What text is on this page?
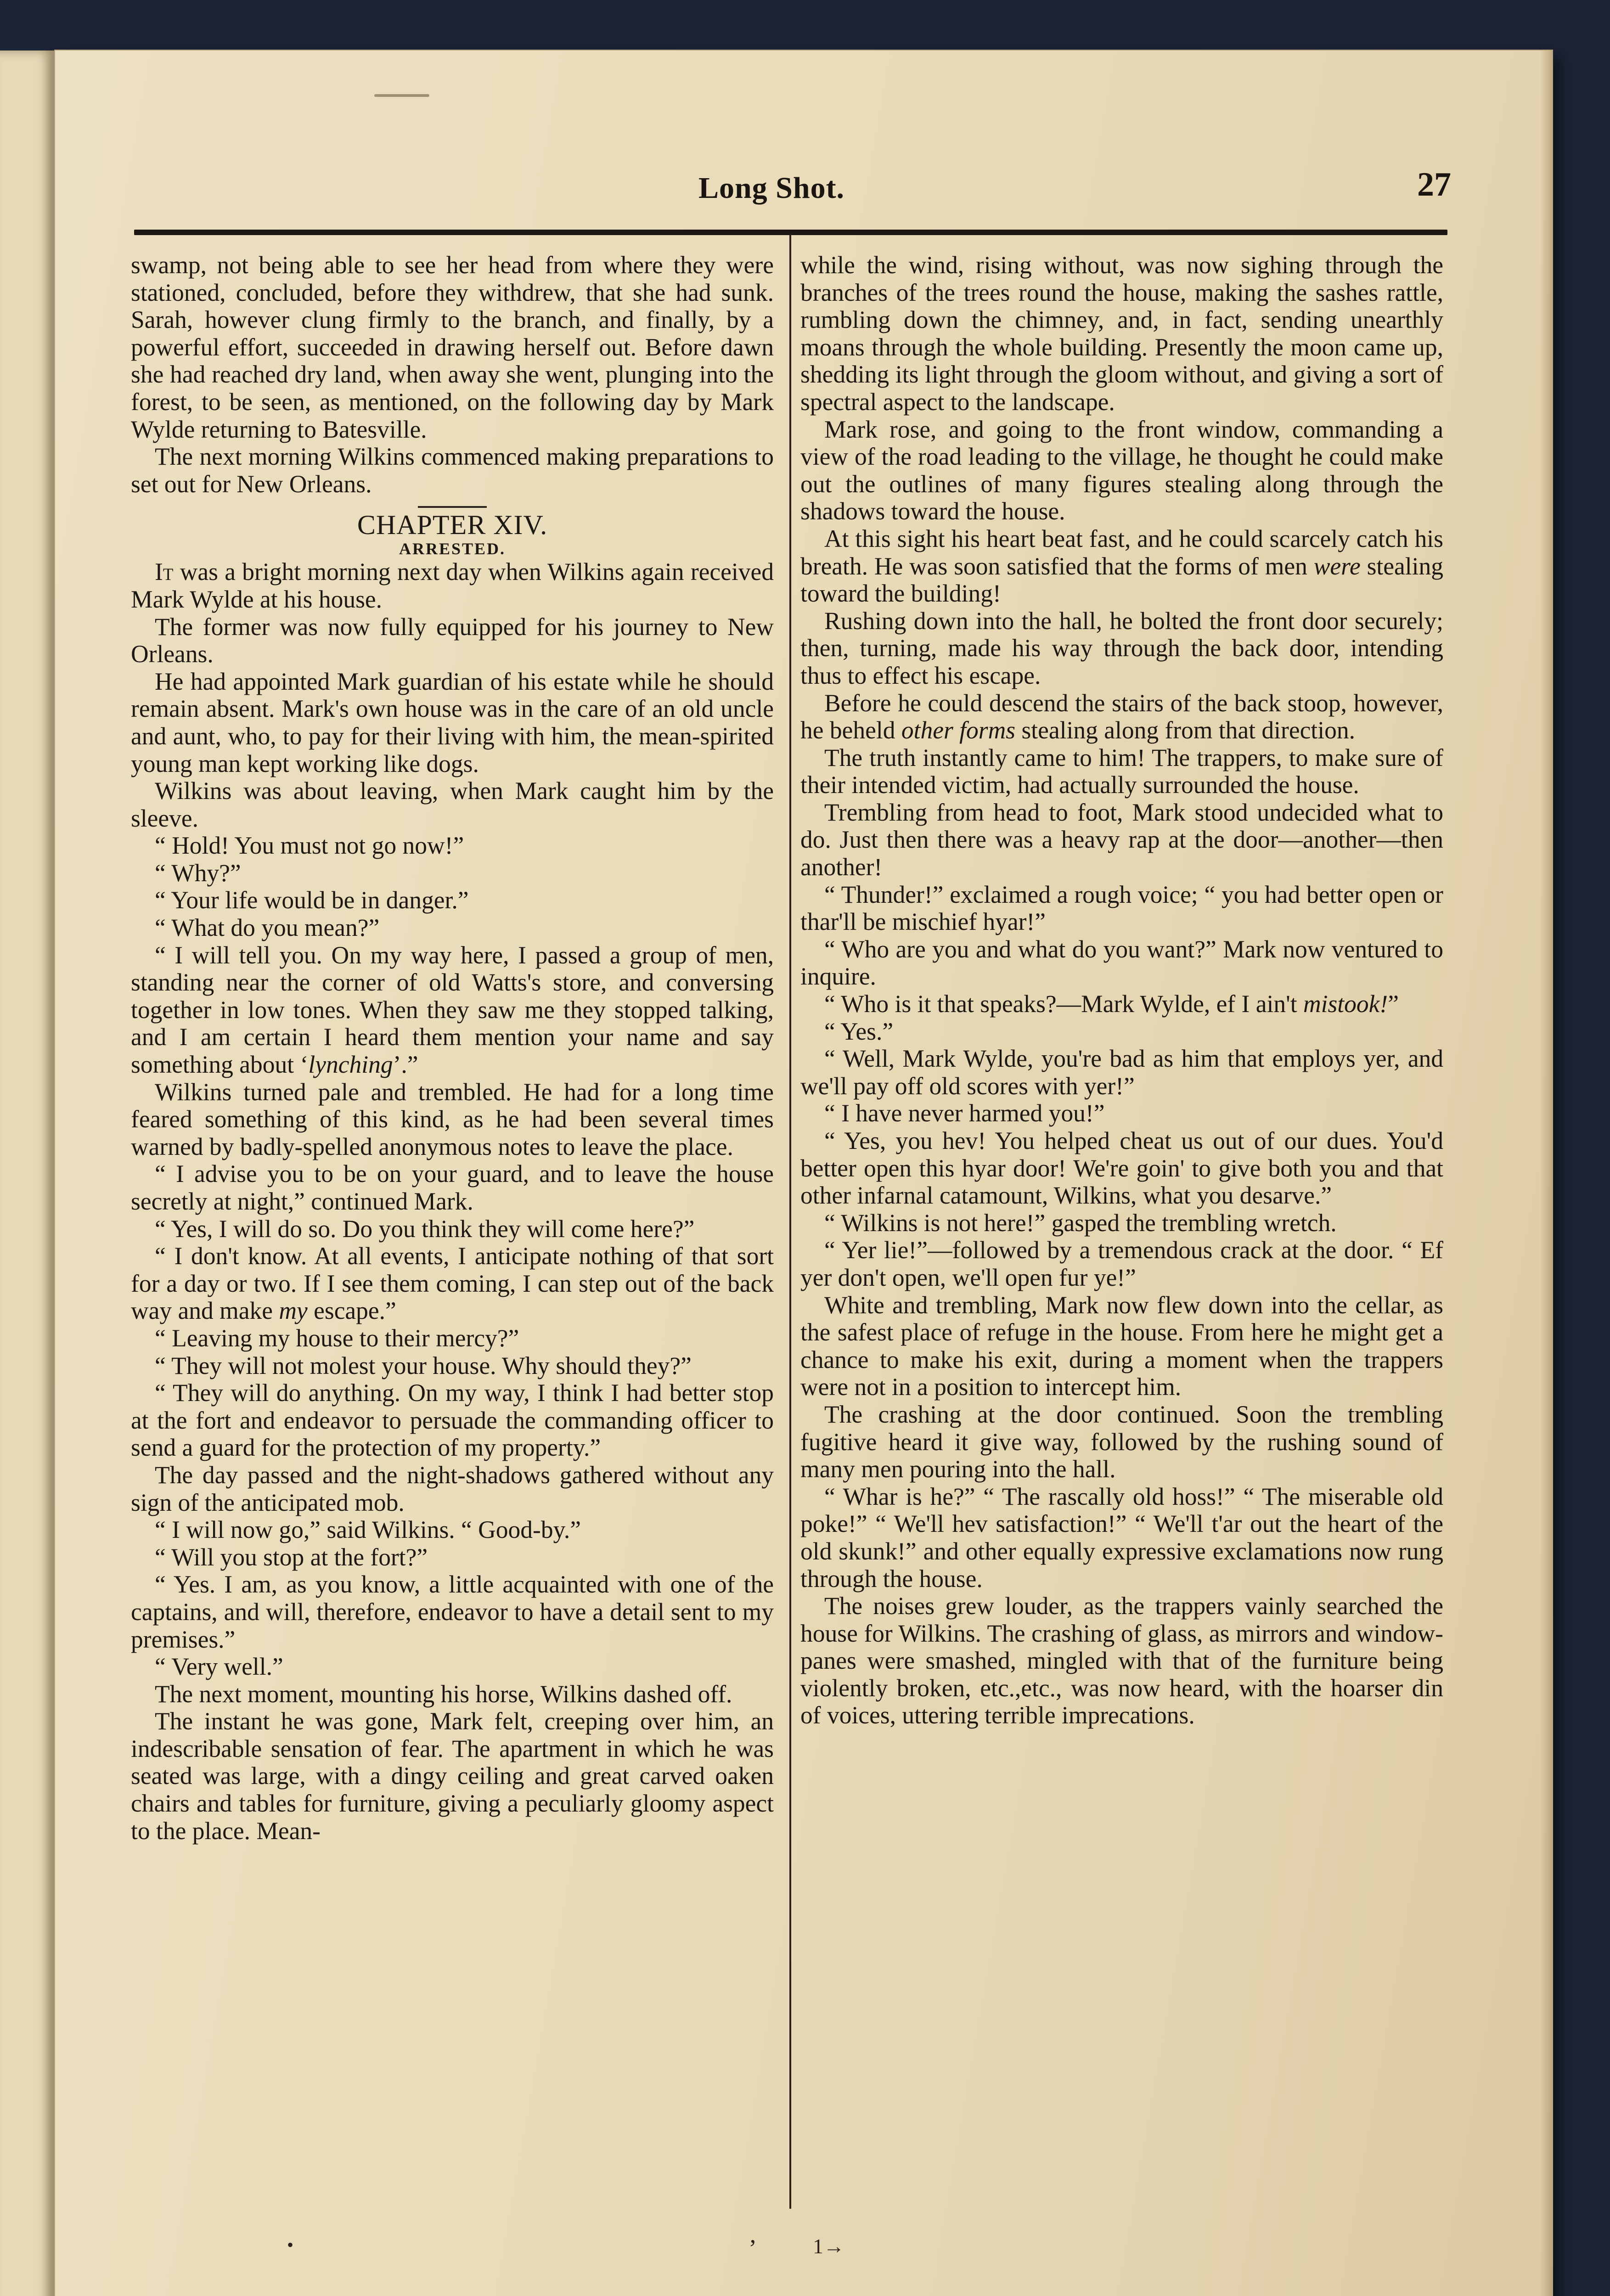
Long Shot.	27

swamp, not being able to see her head from where they were stationed, concluded, before they withdrew, that she had sunk. Sarah, however clung firmly to the branch, and finally, by a powerful effort, succeeded in drawing herself out. Before dawn she had reached dry land, when away she went, plunging into the forest, to be seen, as mentioned, on the following day by Mark Wylde returning to Batesville.

The next morning Wilkins commenced making preparations to set out for New Orleans.

CHAPTER XIV.

ARRESTED.

It was a bright morning next day when Wilkins again received Mark Wylde at his house.

The former was now fully equipped for his journey to New Orleans.

He had appointed Mark guardian of his estate while he should remain absent. Mark's own house was in the care of an old uncle and aunt, who, to pay for their living with him, the mean-spirited young man kept working like dogs.

Wilkins was about leaving, when Mark caught him by the sleeve.

“ Hold! You must not go now!”

“ Why?”

“ Your life would be in danger.”

“ What do you mean?”

“ I will tell you. On my way here, I passed a group of men, standing near the corner of old Watts's store, and conversing together in low tones. When they saw me they stopped talking, and I am certain I heard them mention your name and say something about ‘lynching’.”

Wilkins turned pale and trembled. He had for a long time feared something of this kind, as he had been several times warned by badly-spelled anonymous notes to leave the place.

“ I advise you to be on your guard, and to leave the house secretly at night,” continued Mark.

“ Yes, I will do so. Do you think they will come here?”

“ I don't know. At all events, I anticipate nothing of that sort for a day or two. If I see them coming, I can step out of the back way and make my escape.”

“ Leaving my house to their mercy?”

“ They will not molest your house. Why should they?”

“ They will do anything. On my way, I think I had better stop at the fort and endeavor to persuade the commanding officer to send a guard for the protection of my property.”

The day passed and the night-shadows gathered without any sign of the anticipated mob.

“ I will now go,” said Wilkins. “ Good-by.”

“ Will you stop at the fort?”

“ Yes. I am, as you know, a little acquainted with one of the captains, and will, therefore, endeavor to have a detail sent to my premises.”

“ Very well.”

The next moment, mounting his horse, Wilkins dashed off.

The instant he was gone, Mark felt, creeping over him, an indescribable sensation of fear. The apartment in which he was seated was large, with a dingy ceiling and great carved oaken chairs and tables for furniture, giving a peculiarly gloomy aspect to the place. Mean-

while the wind, rising without, was now sighing through the branches of the trees round the house, making the sashes rattle, rumbling down the chimney, and, in fact, sending unearthly moans through the whole building. Presently the moon came up, shedding its light through the gloom without, and giving a sort of spectral aspect to the landscape.

Mark rose, and going to the front window, commanding a view of the road leading to the village, he thought he could make out the outlines of many figures stealing along through the shadows toward the house.

At this sight his heart beat fast, and he could scarcely catch his breath. He was soon satisfied that the forms of men were stealing toward the building!

Rushing down into the hall, he bolted the front door securely; then, turning, made his way through the back door, intending thus to effect his escape.

Before he could descend the stairs of the back stoop, however, he beheld other forms stealing along from that direction.

The truth instantly came to him! The trappers, to make sure of their intended victim, had actually surrounded the house.

Trembling from head to foot, Mark stood undecided what to do. Just then there was a heavy rap at the door—another—then another!

“ Thunder!” exclaimed a rough voice; “ you had better open or thar'll be mischief hyar!”

“ Who are you and what do you want?” Mark now ventured to inquire.

“ Who is it that speaks?—Mark Wylde, ef I ain't mistook!”

“ Yes.”

“ Well, Mark Wylde, you're bad as him that employs yer, and we'll pay off old scores with yer!”

“ I have never harmed you!”

“ Yes, you hev! You helped cheat us out of our dues. You'd better open this hyar door! We're goin' to give both you and that other infarnal catamount, Wilkins, what you desarve.”

“ Wilkins is not here!” gasped the trembling wretch.

“ Yer lie!”—followed by a tremendous crack at the door. “ Ef yer don't open, we'll open fur ye!”

White and trembling, Mark now flew down into the cellar, as the safest place of refuge in the house. From here he might get a chance to make his exit, during a moment when the trappers were not in a position to intercept him.

The crashing at the door continued. Soon the trembling fugitive heard it give way, followed by the rushing sound of many men pouring into the hall.

“ Whar is he?” “ The rascally old hoss!” “ The miserable old poke!” “ We'll hev satisfaction!” “ We'll t'ar out the heart of the old skunk!” and other equally expressive exclamations now rung through the house.

The noises grew louder, as the trappers vainly searched the house for Wilkins. The crashing of glass, as mirrors and window-panes were smashed, mingled with that of the furniture being violently broken, etc.,etc., was now heard, with the hoarser din of voices, uttering terrible imprecations.

•	’	1→
